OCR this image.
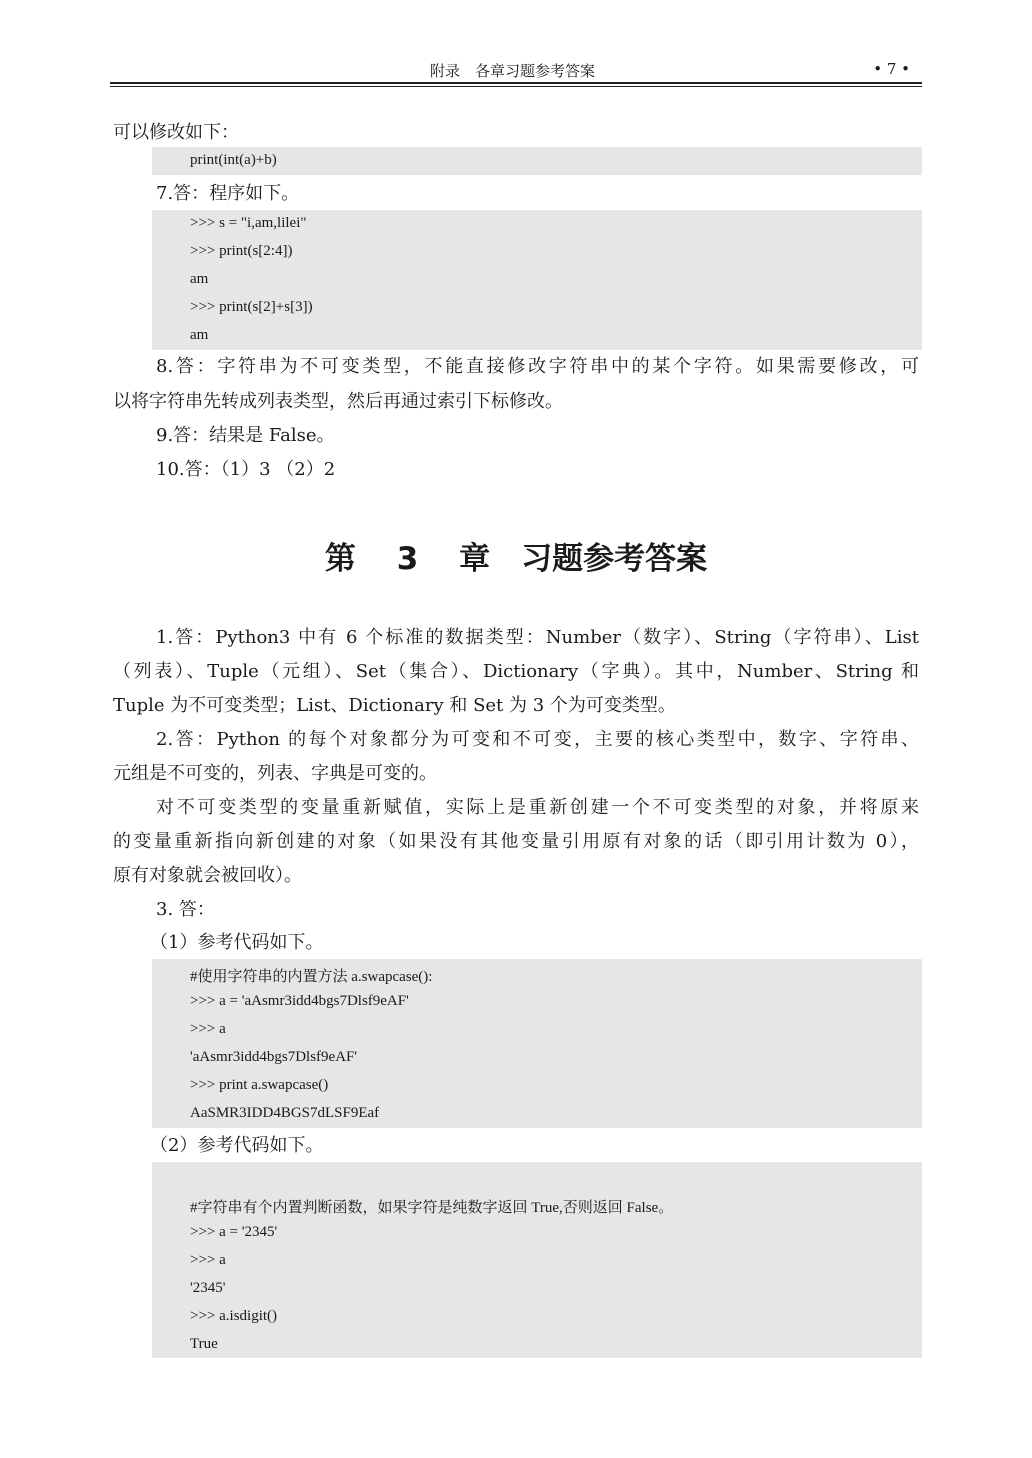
附录　各章习题参考答案	• 7 •
可以修改如下：
print(int(a)+b)
7.答：程序如下。
>>> s = "i,am,lilei"
>>> print(s[2:4])
am
>>> print(s[2]+s[3])
am
8.答：字符串为不可变类型，不能直接修改字符串中的某个字符。如果需要修改，可
以将字符串先转成列表类型，然后再通过索引下标修改。
9.答：结果是 False。
10.答：（1）3 （2）2
第 3 章　习题参考答案
1.答：Python3 中有 6 个标准的数据类型：Number（数字）、String（字符串）、List
（列表）、Tuple（元组）、Set（集合）、Dictionary（字典）。其中，Number、String 和
Tuple 为不可变类型；List、Dictionary 和 Set 为 3 个为可变类型。
2.答：Python 的每个对象都分为可变和不可变，主要的核心类型中，数字、字符串、
元组是不可变的，列表、字典是可变的。
对不可变类型的变量重新赋值，实际上是重新创建一个不可变类型的对象，并将原来
的变量重新指向新创建的对象（如果没有其他变量引用原有对象的话（即引用计数为 0），
原有对象就会被回收）。
3. 答：
（1）参考代码如下。
#使用字符串的内置方法 a.swapcase():
>>> a = 'aAsmr3idd4bgs7Dlsf9eAF'
>>> a
'aAsmr3idd4bgs7Dlsf9eAF'
>>> print a.swapcase()
AaSMR3IDD4BGS7dLSF9Eaf
（2）参考代码如下。
#字符串有个内置判断函数，如果字符是纯数字返回 True,否则返回 False。
>>> a = '2345'
>>> a
'2345'
>>> a.isdigit()
True
